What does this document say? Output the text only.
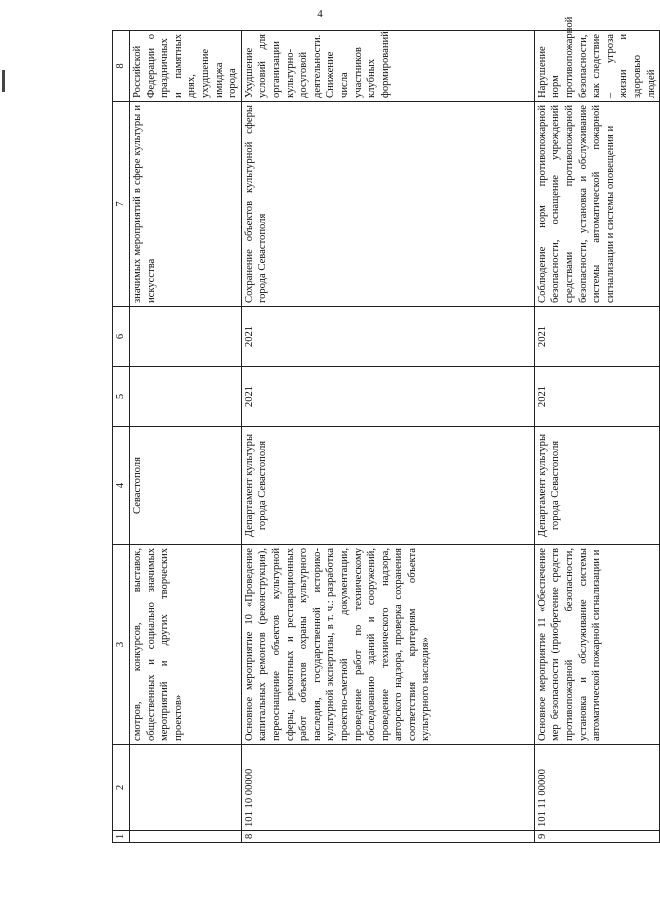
4
1	2	3	4	5	6	7	8
		смотров, конкурсов, выставок, общественных и социально значимых мероприятий и других творческих проектов»	Севастополя			значимых мероприятий в сфере культуры и искусства	Российской Федерации о праздничных и памятных днях, ухудшение имиджа города
8	101 10 00000	Основное мероприятие 10 «Проведение капитальных ремонтов (реконструкция), переоснащение объектов культурной сферы, ремонтных и реставрационных работ объектов охраны культурного наследия, государственной историко-культурной экспертизы, в т. ч.: разработка проектно-сметной документации, проведение работ по техническому обследованию зданий и сооружений, проведение технического надзора, авторского надзора, проверка сохранения соответствия критериям объекта культурного наследия»	Департамент культуры города Севастополя	2021	2021	Сохранение объектов культурной сферы города Севастополя	Ухудшение условий для организации культурно-досуговой деятельности. Снижение числа участников клубных формирований
9	101 11 00000	Основное мероприятие 11 «Обеспечение мер безопасности (приобретение средств противопожарной безопасности, установка и обслуживание системы автоматической пожарной сигнализации и	Департамент культуры города Севастополя	2021	2021	Соблюдение норм противопожарной безопасности, оснащение учреждений средствами противопожарной безопасности, установка и обслуживание системы автоматической пожарной сигнализации и системы оповещения и	Нарушение норм противопожарной безопасности, как следствие – угроза жизни и здоровью людей
